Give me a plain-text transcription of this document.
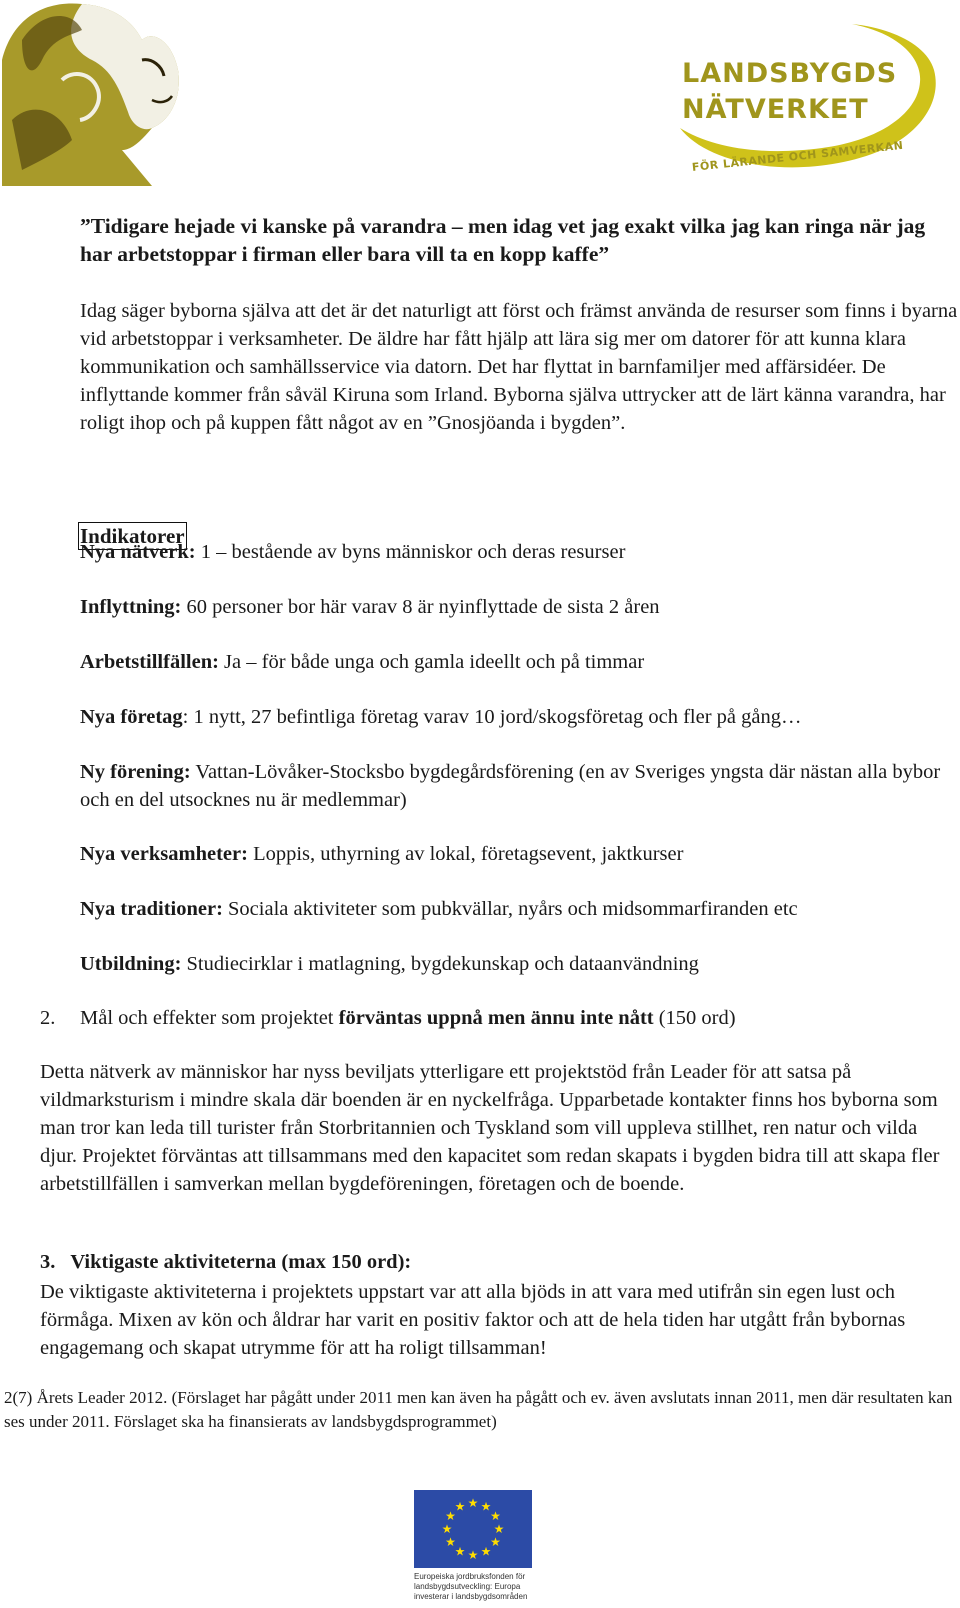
LANDSBYGDS
NÄTVERKET
FÖR LÄRANDE OCH SAMVERKAN
”Tidigare hejade vi kanske på varandra – men idag vet jag exakt vilka jag kan ringa när jag har arbetstoppar i firman eller bara vill ta en kopp kaffe”
Idag säger byborna själva att det är det naturligt att först och främst använda de resurser som finns i byarna vid arbetstoppar i verksamheter. De äldre har fått hjälp att lära sig mer om datorer för att kunna klara kommunikation och samhällsservice via datorn. Det har flyttat in barnfamiljer med affärsidéer. De inflyttande kommer från såväl Kiruna som Irland. Byborna själva uttrycker att de lärt känna varandra, har roligt ihop och på kuppen fått något av en ”Gnosjöanda i bygden”.
Indikatorer
Nya nätverk: 1 – bestående av byns människor och deras resurser
Inflyttning: 60 personer bor här varav 8 är nyinflyttade de sista 2 åren
Arbetstillfällen: Ja – för både unga och gamla ideellt och på timmar
Nya företag: 1 nytt, 27 befintliga företag varav 10 jord/skogsföretag och fler på gång…
Ny förening: Vattan-Lövåker-Stocksbo bygdegårdsförening (en av Sveriges yngsta där nästan alla bybor och en del utsocknes nu är medlemmar)
Nya verksamheter: Loppis, uthyrning av lokal, företagsevent, jaktkurser
Nya traditioner: Sociala aktiviteter som pubkvällar, nyårs och midsommarfiranden etc
Utbildning: Studiecirklar i matlagning, bygdekunskap och dataanvändning
2. Mål och effekter som projektet förväntas uppnå men ännu inte nått (150 ord)
Detta nätverk av människor har nyss beviljats ytterligare ett projektstöd från Leader för att satsa på vildmarksturism i mindre skala där boenden är en nyckelfråga. Upparbetade kontakter finns hos byborna som man tror kan leda till turister från Storbritannien och Tyskland som vill uppleva stillhet, ren natur och vilda djur. Projektet förväntas att tillsammans med den kapacitet som redan skapats i bygden bidra till att skapa fler arbetstillfällen i samverkan mellan bygdeföreningen, företagen och de boende.
3.   Viktigaste aktiviteterna (max 150 ord):
De viktigaste aktiviteterna i projektets uppstart var att alla bjöds in att vara med utifrån sin egen lust och förmåga. Mixen av kön och åldrar har varit en positiv faktor och att de hela tiden har utgått från bybornas engagemang och skapat utrymme för att ha roligt tillsamman!
2(7) Årets Leader 2012. (Förslaget har pågått under 2011 men kan även ha pågått och ev. även avslutats innan 2011, men där resultaten kan ses under 2011. Förslaget ska ha finansierats av landsbygdsprogrammet)
★ ★
★
★
★
★
★
★
★
★
★
★
Europeiska jordbruksfonden för landsbygdsutveckling: Europa investerar i landsbygdsområden
